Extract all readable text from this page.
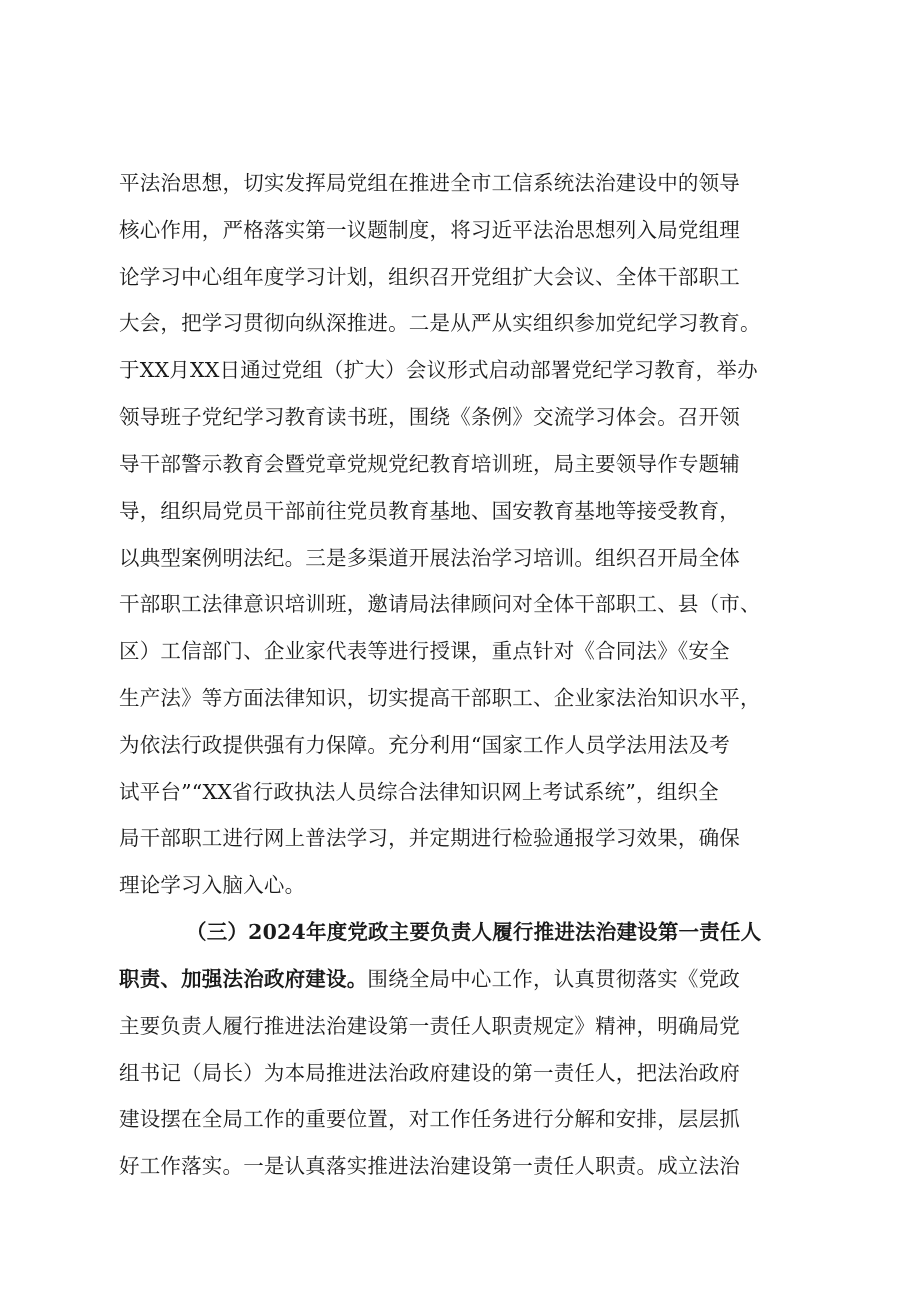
平法治思想，切实发挥局党组在推进全市工信系统法治建设中的领导
核心作用，严格落实第一议题制度，将习近平法治思想列入局党组理
论学习中心组年度学习计划，组织召开党组扩大会议、全体干部职工
大会，把学习贯彻向纵深推进。二是从严从实组织参加党纪学习教育。
于XX月XX日通过党组（扩大）会议形式启动部署党纪学习教育，举办
领导班子党纪学习教育读书班，围绕《条例》交流学习体会。召开领
导干部警示教育会暨党章党规党纪教育培训班，局主要领导作专题辅
导，组织局党员干部前往党员教育基地、国安教育基地等接受教育，
以典型案例明法纪。三是多渠道开展法治学习培训。组织召开局全体
干部职工法律意识培训班，邀请局法律顾问对全体干部职工、县（市、
区）工信部门、企业家代表等进行授课，重点针对《合同法》《安全
生产法》等方面法律知识，切实提高干部职工、企业家法治知识水平，
为依法行政提供强有力保障。充分利用“国家工作人员学法用法及考
试平台”“XX省行政执法人员综合法律知识网上考试系统”，组织全
局干部职工进行网上普法学习，并定期进行检验通报学习效果，确保
理论学习入脑入心。
（三）2024年度党政主要负责人履行推进法治建设第一责任人
职责、加强法治政府建设。围绕全局中心工作，认真贯彻落实《党政
主要负责人履行推进法治建设第一责任人职责规定》精神，明确局党
组书记（局长）为本局推进法治政府建设的第一责任人，把法治政府
建设摆在全局工作的重要位置，对工作任务进行分解和安排，层层抓
好工作落实。一是认真落实推进法治建设第一责任人职责。成立法治
